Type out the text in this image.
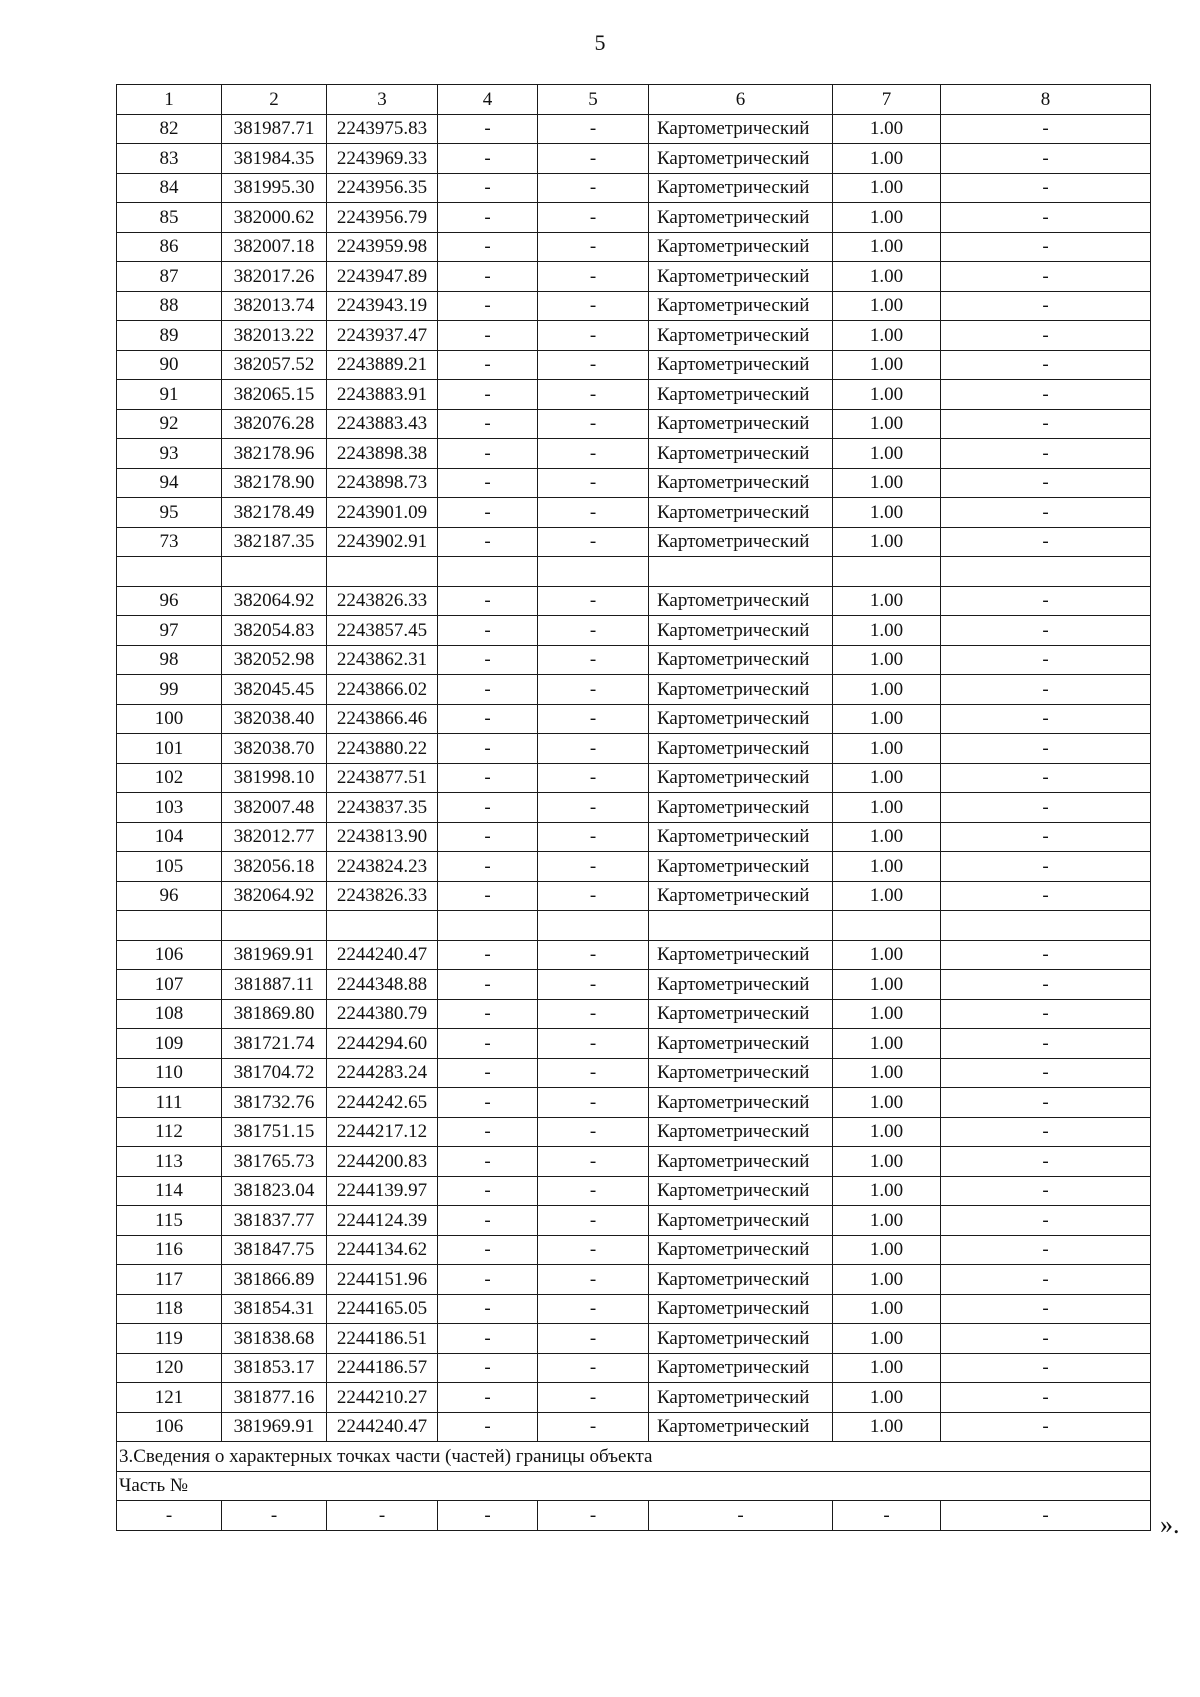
5
1	2	3	4	5	6	7	8
82	381987.71	2243975.83	-	-	Картометрический	1.00	-
83	381984.35	2243969.33	-	-	Картометрический	1.00	-
84	381995.30	2243956.35	-	-	Картометрический	1.00	-
85	382000.62	2243956.79	-	-	Картометрический	1.00	-
86	382007.18	2243959.98	-	-	Картометрический	1.00	-
87	382017.26	2243947.89	-	-	Картометрический	1.00	-
88	382013.74	2243943.19	-	-	Картометрический	1.00	-
89	382013.22	2243937.47	-	-	Картометрический	1.00	-
90	382057.52	2243889.21	-	-	Картометрический	1.00	-
91	382065.15	2243883.91	-	-	Картометрический	1.00	-
92	382076.28	2243883.43	-	-	Картометрический	1.00	-
93	382178.96	2243898.38	-	-	Картометрический	1.00	-
94	382178.90	2243898.73	-	-	Картометрический	1.00	-
95	382178.49	2243901.09	-	-	Картометрический	1.00	-
73	382187.35	2243902.91	-	-	Картометрический	1.00	-

96	382064.92	2243826.33	-	-	Картометрический	1.00	-
97	382054.83	2243857.45	-	-	Картометрический	1.00	-
98	382052.98	2243862.31	-	-	Картометрический	1.00	-
99	382045.45	2243866.02	-	-	Картометрический	1.00	-
100	382038.40	2243866.46	-	-	Картометрический	1.00	-
101	382038.70	2243880.22	-	-	Картометрический	1.00	-
102	381998.10	2243877.51	-	-	Картометрический	1.00	-
103	382007.48	2243837.35	-	-	Картометрический	1.00	-
104	382012.77	2243813.90	-	-	Картометрический	1.00	-
105	382056.18	2243824.23	-	-	Картометрический	1.00	-
96	382064.92	2243826.33	-	-	Картометрический	1.00	-

106	381969.91	2244240.47	-	-	Картометрический	1.00	-
107	381887.11	2244348.88	-	-	Картометрический	1.00	-
108	381869.80	2244380.79	-	-	Картометрический	1.00	-
109	381721.74	2244294.60	-	-	Картометрический	1.00	-
110	381704.72	2244283.24	-	-	Картометрический	1.00	-
111	381732.76	2244242.65	-	-	Картометрический	1.00	-
112	381751.15	2244217.12	-	-	Картометрический	1.00	-
113	381765.73	2244200.83	-	-	Картометрический	1.00	-
114	381823.04	2244139.97	-	-	Картометрический	1.00	-
115	381837.77	2244124.39	-	-	Картометрический	1.00	-
116	381847.75	2244134.62	-	-	Картометрический	1.00	-
117	381866.89	2244151.96	-	-	Картометрический	1.00	-
118	381854.31	2244165.05	-	-	Картометрический	1.00	-
119	381838.68	2244186.51	-	-	Картометрический	1.00	-
120	381853.17	2244186.57	-	-	Картометрический	1.00	-
121	381877.16	2244210.27	-	-	Картометрический	1.00	-
106	381969.91	2244240.47	-	-	Картометрический	1.00	-
3.Сведения о характерных точках части (частей) границы объекта							
Часть №							
-	-	-	-	-	-	-	-	».
